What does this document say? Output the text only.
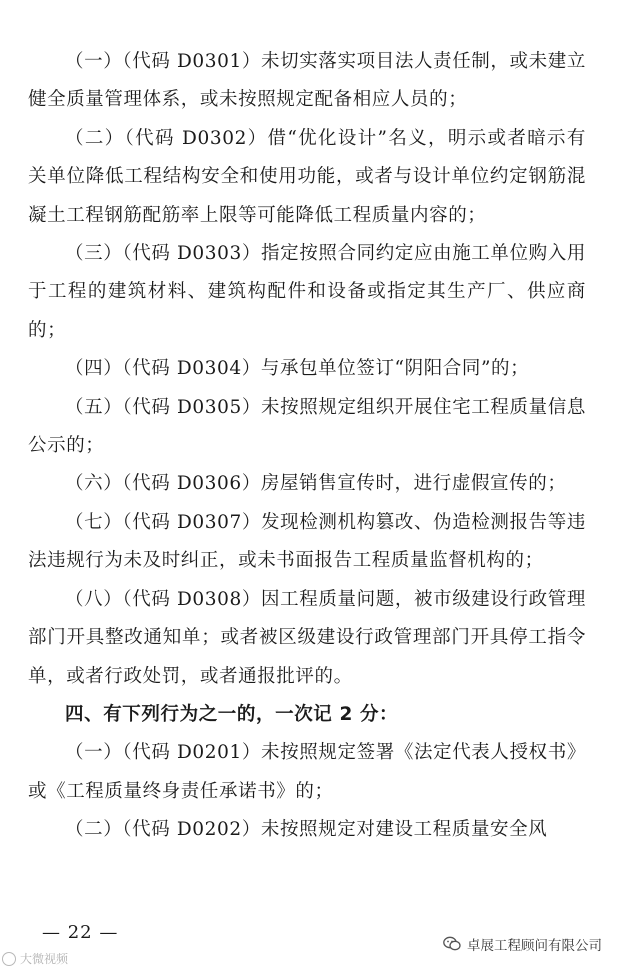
（一）（代码 D0301）未切实落实项目法人责任制，或未建立健全质量管理体系，或未按照规定配备相应人员的；

（二）（代码 D0302）借“优化设计”名义，明示或者暗示有关单位降低工程结构安全和使用功能，或者与设计单位约定钢筋混凝土工程钢筋配筋率上限等可能降低工程质量内容的；

（三）（代码 D0303）指定按照合同约定应由施工单位购入用于工程的建筑材料、建筑构配件和设备或指定其生产厂、供应商的；

（四）（代码 D0304）与承包单位签订“阴阳合同”的；

（五）（代码 D0305）未按照规定组织开展住宅工程质量信息公示的；

（六）（代码 D0306）房屋销售宣传时，进行虚假宣传的；

（七）（代码 D0307）发现检测机构篡改、伪造检测报告等违法违规行为未及时纠正，或未书面报告工程质量监督机构的；

（八）（代码 D0308）因工程质量问题，被市级建设行政管理部门开具整改通知单；或者被区级建设行政管理部门开具停工指令单，或者行政处罚，或者通报批评的。

四、有下列行为之一的，一次记 2 分：

（一）（代码 D0201）未按照规定签署《法定代表人授权书》或《工程质量终身责任承诺书》的；

（二）（代码 D0202）未按照规定对建设工程质量安全风

— 22 —
大微视频
卓展工程顾问有限公司
